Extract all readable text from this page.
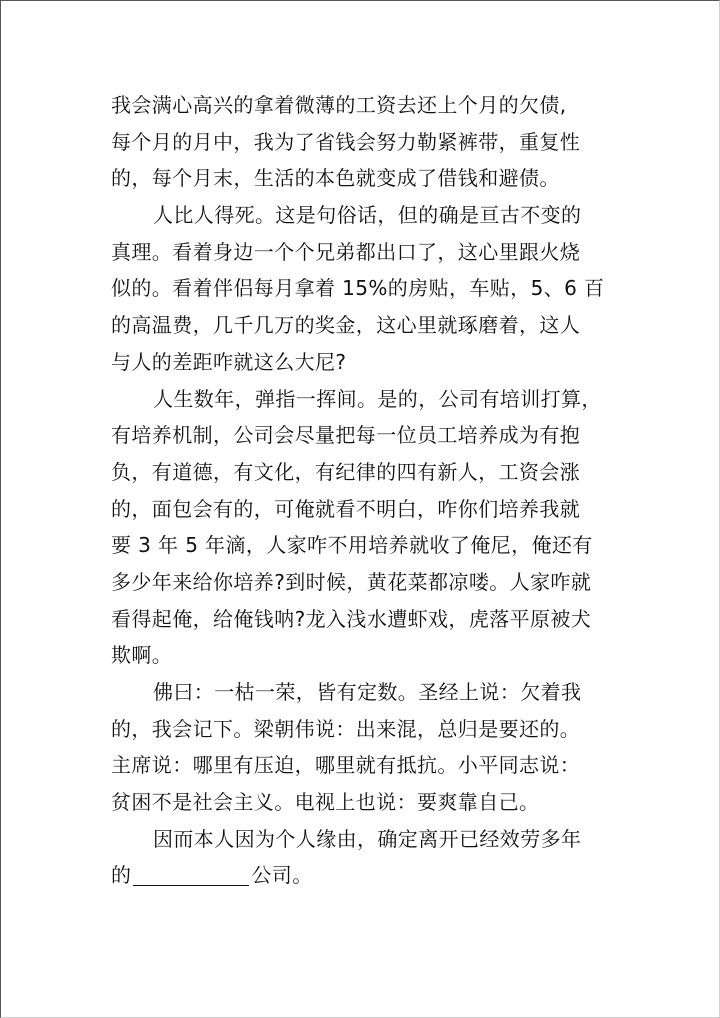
我会满心高兴的拿着微薄的工资去还上个月的欠债,
每个月的月中，我为了省钱会努力勒紧裤带，重复性
的，每个月末，生活的本色就变成了借钱和避债。

人比人得死。这是句俗话，但的确是亘古不变的
真理。看着身边一个个兄弟都出口了，这心里跟火烧
似的。看着伴侣每月拿着 15%的房贴，车贴，5、6 百
的高温费，几千几万的奖金，这心里就琢磨着，这人
与人的差距咋就这么大尼?

人生数年，弹指一挥间。是的，公司有培训打算，
有培养机制，公司会尽量把每一位员工培养成为有抱
负，有道德，有文化，有纪律的四有新人，工资会涨
的，面包会有的，可俺就看不明白，咋你们培养我就
要 3 年 5 年滴，人家咋不用培养就收了俺尼，俺还有
多少年来给你培养?到时候，黄花菜都凉喽。人家咋就
看得起俺，给俺钱呐?龙入浅水遭虾戏，虎落平原被犬
欺啊。

佛曰：一枯一荣，皆有定数。圣经上说：欠着我
的，我会记下。梁朝伟说：出来混，总归是要还的。
主席说：哪里有压迫，哪里就有抵抗。小平同志说：
贫困不是社会主义。电视上也说：要爽靠自己。

因而本人因为个人缘由，确定离开已经效劳多年
的	公司。
